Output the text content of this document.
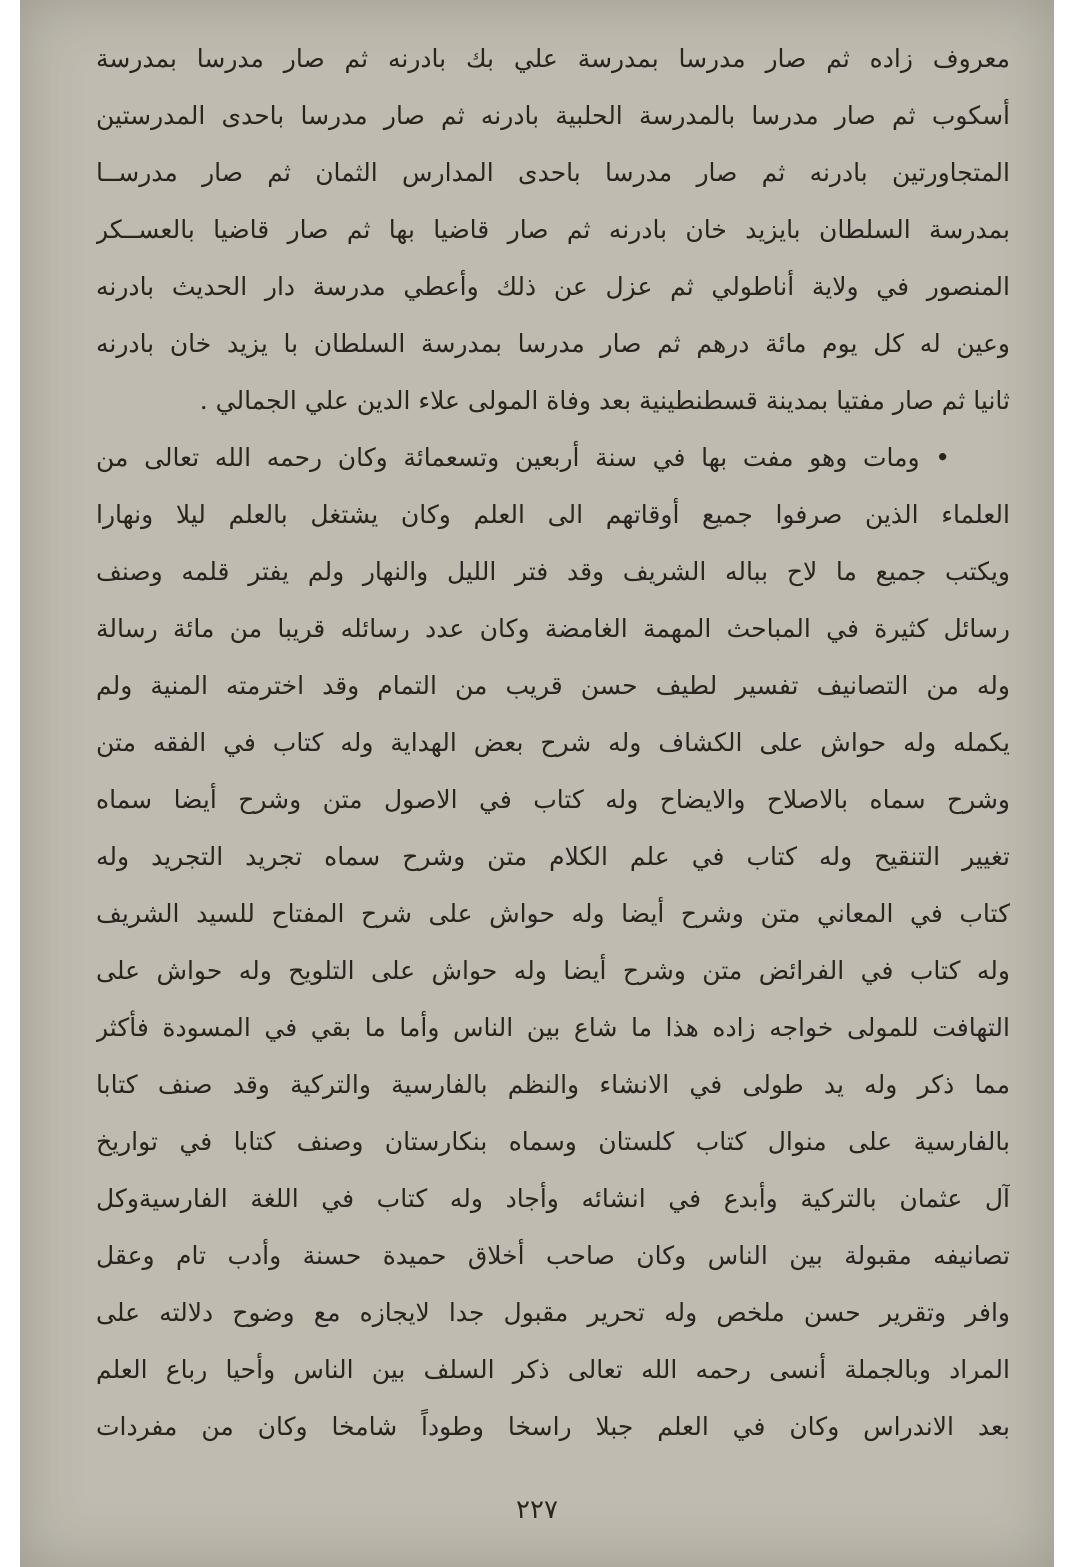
معروف زاده ثم صار مدرسا بمدرسة علي بك بادرنه ثم صار مدرسا بمدرسة
أسكوب ثم صار مدرسا بالمدرسة الحلبية بادرنه ثم صار مدرسا باحدى المدرستين
المتجاورتين بادرنه ثم صار مدرسا باحدى المدارس الثمان ثم صار مدرســا
بمدرسة السلطان بايزيد خان بادرنه ثم صار قاضيا بها ثم صار قاضيا بالعســكر
المنصور في ولاية أناطولي ثم عزل عن ذلك وأعطي مدرسة دار الحديث بادرنه
وعين له كل يوم مائة درهم ثم صار مدرسا بمدرسة السلطان با يزيد خان بادرنه
ثانيا ثم صار مفتيا بمدينة قسطنطينية بعد وفاة المولى علاء الدين علي الجمالي .
• ومات وهو مفت بها في سنة أربعين وتسعمائة وكان رحمه الله تعالى من
العلماء الذين صرفوا جميع أوقاتهم الى العلم وكان يشتغل بالعلم ليلا ونهارا
ويكتب جميع ما لاح بباله الشريف وقد فتر الليل والنهار ولم يفتر قلمه وصنف
رسائل كثيرة في المباحث المهمة الغامضة وكان عدد رسائله قريبا من مائة رسالة
وله من التصانيف تفسير لطيف حسن قريب من التمام وقد اخترمته المنية ولم
يكمله وله حواش على الكشاف وله شرح بعض الهداية وله كتاب في الفقه متن
وشرح سماه بالاصلاح والايضاح وله كتاب في الاصول متن وشرح أيضا سماه
تغيير التنقيح وله كتاب في علم الكلام متن وشرح سماه تجريد التجريد وله
كتاب في المعاني متن وشرح أيضا وله حواش على شرح المفتاح للسيد الشريف
وله كتاب في الفرائض متن وشرح أيضا وله حواش على التلويح وله حواش على
التهافت للمولى خواجه زاده هذا ما شاع بين الناس وأما ما بقي في المسودة فأكثر
مما ذكر وله يد طولى في الانشاء والنظم بالفارسية والتركية وقد صنف كتابا
بالفارسية على منوال كتاب كلستان وسماه بنكارستان وصنف كتابا في تواريخ
آل عثمان بالتركية وأبدع في انشائه وأجاد وله كتاب في اللغة الفارسيةوكل
تصانيفه مقبولة بين الناس وكان صاحب أخلاق حميدة حسنة وأدب تام وعقل
وافر وتقرير حسن ملخص وله تحرير مقبول جدا لايجازه مع وضوح دلالته على
المراد وبالجملة أنسى رحمه الله تعالى ذكر السلف بين الناس وأحيا رباع العلم
بعد الاندراس وكان في العلم جبلا راسخا وطوداً شامخا وكان من مفردات
٢٢٧
